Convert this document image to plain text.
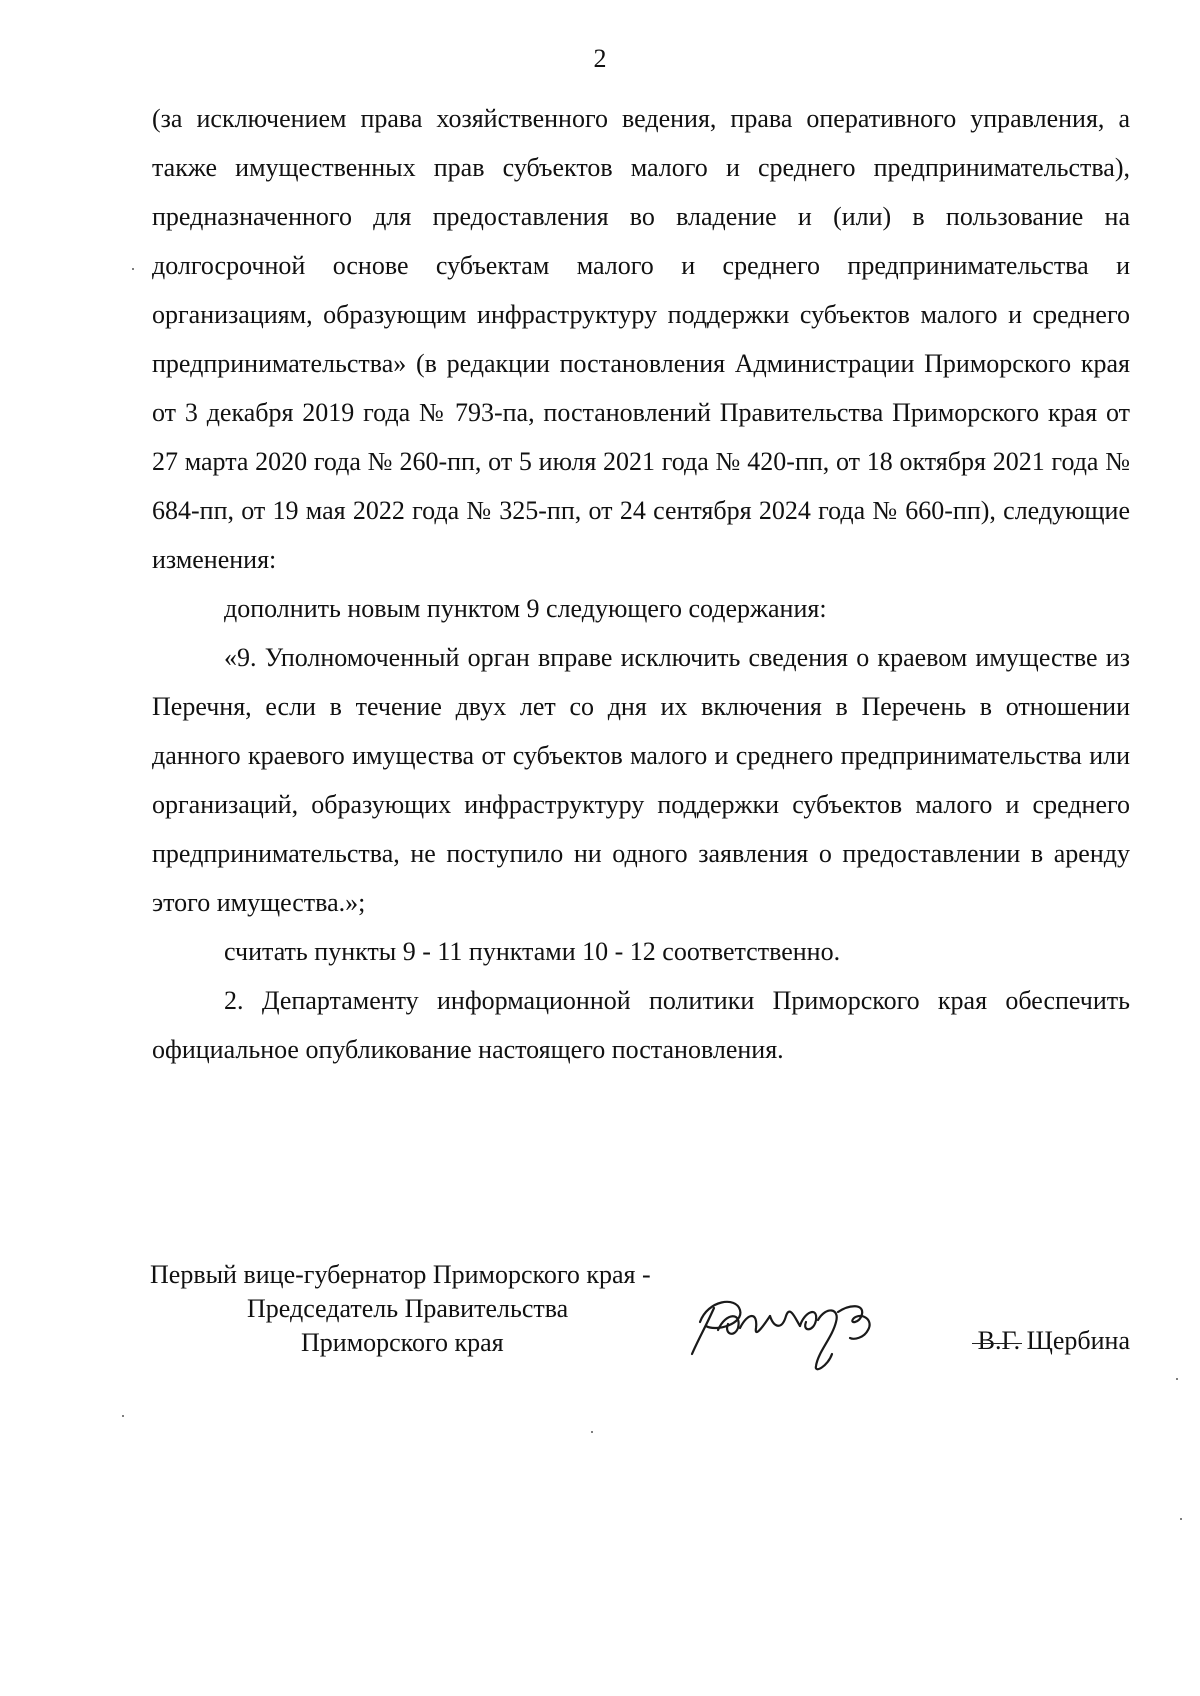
2

(за исключением права хозяйственного ведения, права оперативного управления, а также имущественных прав субъектов малого и среднего предпринимательства), предназначенного для предоставления во владение и (или) в пользование на долгосрочной основе субъектам малого и среднего предпринимательства и организациям, образующим инфраструктуру поддержки субъектов малого и среднего предпринимательства» (в редакции постановления Администрации Приморского края от 3 декабря 2019 года № 793-па, постановлений Правительства Приморского края от 27 марта 2020 года № 260-пп, от 5 июля 2021 года № 420-пп, от 18 октября 2021 года № 684-пп, от 19 мая 2022 года № 325-пп, от 24 сентября 2024 года № 660-пп), следующие изменения:

дополнить новым пунктом 9 следующего содержания:

«9. Уполномоченный орган вправе исключить сведения о краевом имуществе из Перечня, если в течение двух лет со дня их включения в Перечень в отношении данного краевого имущества от субъектов малого и среднего предпринимательства или организаций, образующих инфраструктуру поддержки субъектов малого и среднего предпринимательства, не поступило ни одного заявления о предоставлении в аренду этого имущества.»;

считать пункты 9 - 11 пунктами 10 - 12 соответственно.

2. Департаменту информационной политики Приморского края обеспечить официальное опубликование настоящего постановления.

Первый вице-губернатор Приморского края -
Председатель Правительства
Приморского края	В.Г. Щербина
